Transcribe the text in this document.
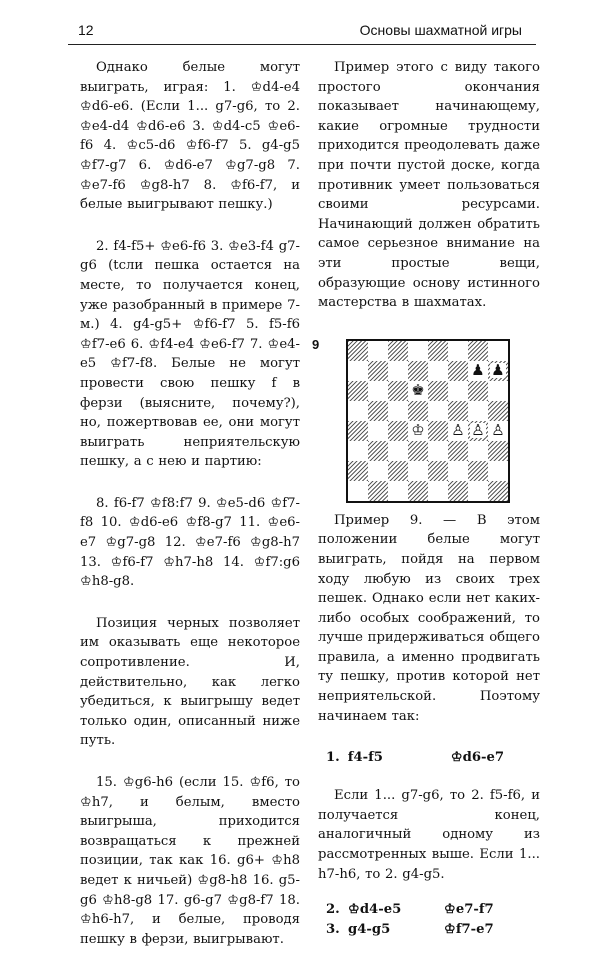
12	Основы шахматной игры

Однако белые могут выиграть, играя: 1. ♔d4-e4 ♔d6-e6. (Если 1... g7-g6, то 2. ♔e4-d4 ♔d6-e6 3. ♔d4-c5 ♔e6-f6 4. ♔c5-d6 ♔f6-f7 5. g4-g5 ♔f7-g7 6. ♔d6-e7 ♔g7-g8 7. ♔e7-f6 ♔g8-h7 8. ♔f6-f7, и белые выигрывают пешку.)

2. f4-f5+ ♔e6-f6 3. ♔e3-f4 g7-g6 (tсли пешка остается на месте, то получается конец, уже разобранный в примере 7-м.) 4. g4-g5+ ♔f6-f7 5. f5-f6 ♔f7-e6 6. ♔f4-e4 ♔e6-f7 7. ♔e4-e5 ♔f7-f8. Белые не могут провести свою пешку f в ферзи (выясните, почему?), но, пожертвовав ее, они могут выиграть неприятельскую пешку, а с нею и партию:

8. f6-f7 ♔f8:f7 9. ♔e5-d6 ♔f7-f8 10. ♔d6-e6 ♔f8-g7 11. ♔e6-e7 ♔g7-g8 12. ♔e7-f6 ♔g8-h7 13. ♔f6-f7 ♔h7-h8 14. ♔f7:g6 ♔h8-g8.

Позиция черных позволяет им оказывать еще некоторое сопротивление. И, действительно, как легко убедиться, к выигрышу ведет только один, описанный ниже путь.

15. ♔g6-h6 (если 15. ♔f6, то ♔h7, и белым, вместо выигрыша, приходится возвращаться к прежней позиции, так как 16. g6+ ♔h8 ведет к ничьей) ♔g8-h8 16. g5-g6 ♔h8-g8 17. g6-g7 ♔g8-f7 18. ♔h6-h7, и белые, проводя пешку в ферзи, выигрывают.

Пример этого с виду такого простого окончания показывает начинающему, какие огромные трудности приходится преодолевать даже при почти пустой доске, когда противник умеет пользоваться своими ресурсами. Начинающий должен обратить самое серьезное внимание на эти простые вещи, образующие основу истинного мастерства в шахматах.

9
♟ ♟
♚
♔ ♙ ♙ ♙

Пример 9. — В этом положении белые могут выиграть, пойдя на первом ходу любую из своих трех пешек. Однако если нет каких-либо особых соображений, то лучше придерживаться общего правила, а именно продвигать ту пешку, против которой нет неприятельской. Поэтому начинаем так:

1. f4-f5	♔d6-e7

Если 1... g7-g6, то 2. f5-f6, и получается конец, аналогичный одному из рассмотренных выше. Если 1... h7-h6, то 2. g4-g5.

2. ♔d4-e5	♔e7-f7
3. g4-g5	♔f7-e7
